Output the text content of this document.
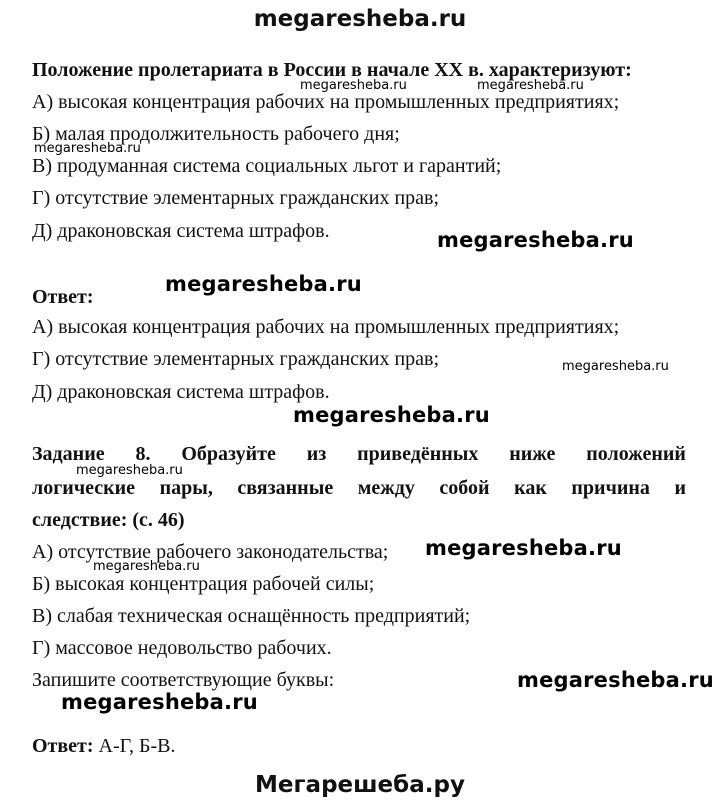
megaresheba.ru
Положение пролетариата в России в начале XX в. характеризуют:
А) высокая концентрация рабочих на промышленных предприятиях;
Б) малая продолжительность рабочего дня;
В) продуманная система социальных льгот и гарантий;
Г) отсутствие элементарных гражданских прав;
Д) драконовская система штрафов.
Ответ:
А) высокая концентрация рабочих на промышленных предприятиях;
Г) отсутствие элементарных гражданских прав;
Д) драконовская система штрафов.
Задание 8. Образуйте из приведённых ниже положений
логические пары, связанные между собой как причина и
следствие: (с. 46)
А) отсутствие рабочего законодательства;
Б) высокая концентрация рабочей силы;
В) слабая техническая оснащённость предприятий;
Г) массовое недовольство рабочих.
Запишите соответствующие буквы:
Ответ: А-Г, Б-В.
megaresheba.ru	megaresheba.ru
megaresheba.ru
megaresheba.ru
megaresheba.ru
megaresheba.ru
megaresheba.ru
megaresheba.ru
megaresheba.ru
megaresheba.ru
megaresheba.ru
megaresheba.ru
Мегарешеба.ру
